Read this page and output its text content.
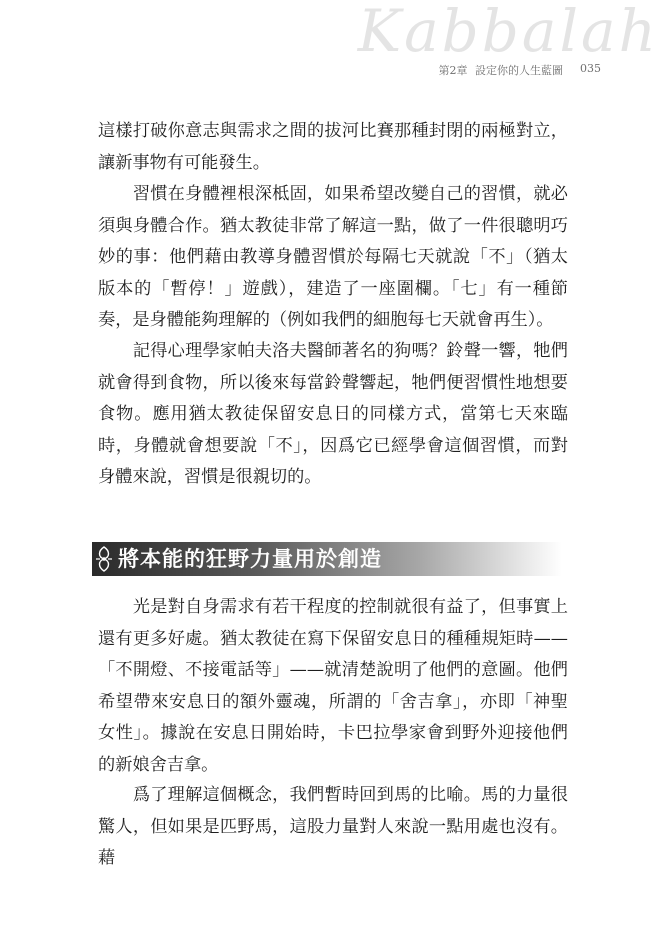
Kabbalah
第2章 設定你的人生藍圖	035

這樣打破你意志與需求之間的拔河比賽那種封閉的兩極對立，讓新事物有可能發生。

　　習慣在身體裡根深柢固，如果希望改變自己的習慣，就必須與身體合作。猶太教徒非常了解這一點，做了一件很聰明巧妙的事：他們藉由教導身體習慣於每隔七天就說「不」（猶太版本的「暫停！」遊戲），建造了一座圍欄。「七」有一種節奏，是身體能夠理解的（例如我們的細胞每七天就會再生）。

　　記得心理學家帕夫洛夫醫師著名的狗嗎？鈴聲一響，牠們就會得到食物，所以後來每當鈴聲響起，牠們便習慣性地想要食物。應用猶太教徒保留安息日的同樣方式，當第七天來臨時，身體就會想要說「不」，因爲它已經學會這個習慣，而對身體來說，習慣是很親切的。

將本能的狂野力量用於創造

　　光是對自身需求有若干程度的控制就很有益了，但事實上還有更多好處。猶太教徒在寫下保留安息日的種種規矩時——「不開燈、不接電話等」——就清楚說明了他們的意圖。他們希望帶來安息日的額外靈魂，所謂的「舍吉拿」，亦即「神聖女性」。據說在安息日開始時，卡巴拉學家會到野外迎接他們的新娘舍吉拿。

　　爲了理解這個概念，我們暫時回到馬的比喻。馬的力量很驚人，但如果是匹野馬，這股力量對人來說一點用處也沒有。藉
